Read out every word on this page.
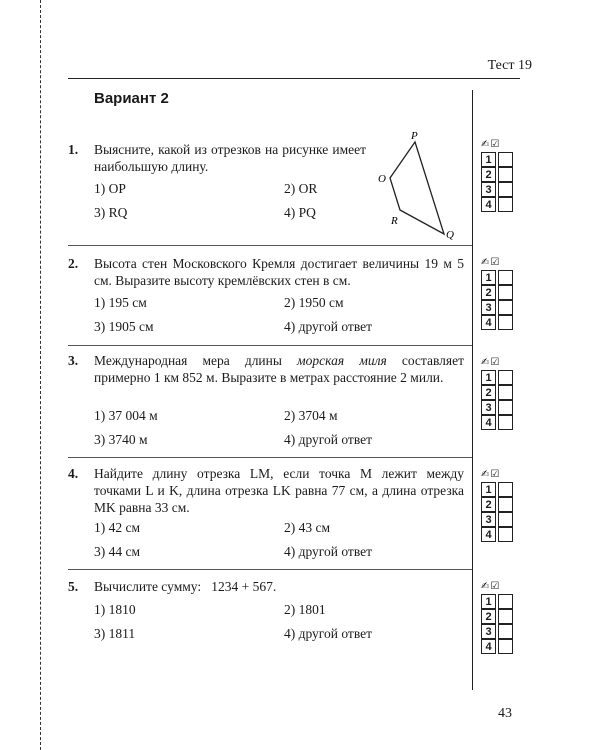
Тест 19
Вариант 2
1. Выясните, какой из отрезков на рисунке имеет наибольшую длину.
1) OP	2) OR
3) RQ	4) PQ
P
O
R
Q
2. Высота стен Московского Кремля достигает величины 19 м 5 см. Выразите высоту кремлёвских стен в см.
1) 195 см	2) 1950 см
3) 1905 см	4) другой ответ
3. Международная мера длины морская миля составляет примерно 1 км 852 м. Выразите в метрах расстояние 2 мили.
1) 37 004 м	2) 3704 м
3) 3740 м	4) другой ответ
4. Найдите длину отрезка LM, если точка M лежит между точками L и K, длина отрезка LK равна 77 см, а длина отрезка MK равна 33 см.
1) 42 см	2) 43 см
3) 44 см	4) другой ответ
5. Вычислите сумму:   1234 + 567.
1) 1810	2) 1801
3) 1811	4) другой ответ
✍☑
1
2
3
4
✍☑
1
2
3
4
✍☑
1
2
3
4
✍☑
1
2
3
4
✍☑
1
2
3
4
43
